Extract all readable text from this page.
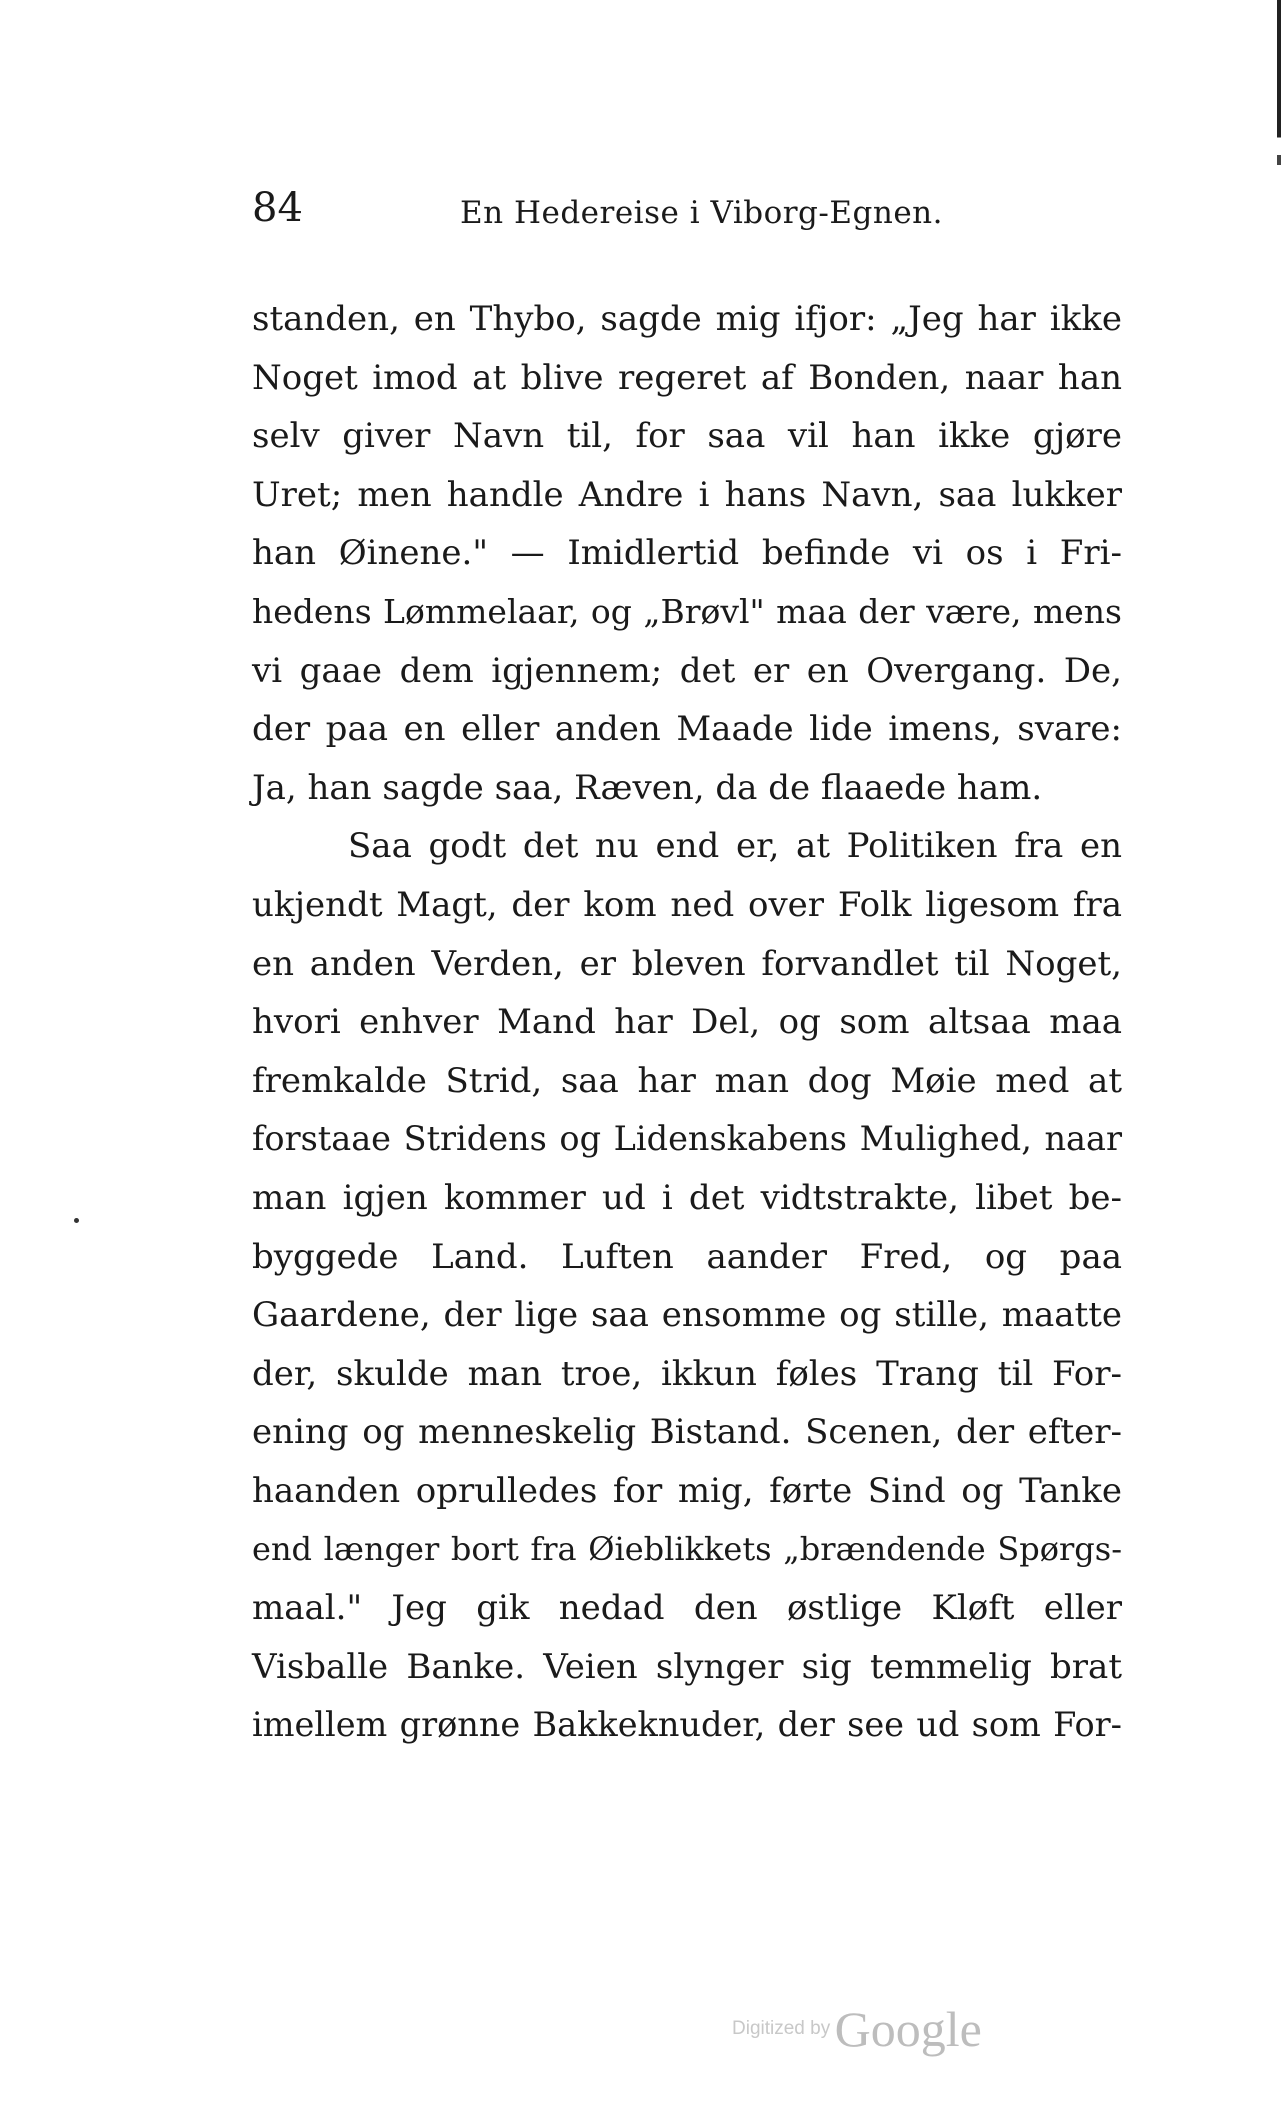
84	En Hedereise i Viborg-Egnen.
standen, en Thybo, sagde mig ifjor: „Jeg har ikke
Noget imod at blive regeret af Bonden, naar han
selv giver Navn til, for saa vil han ikke gjøre
Uret; men handle Andre i hans Navn, saa lukker
han Øinene." — Imidlertid befinde vi os i Fri-
hedens Lømmelaar, og „Brøvl" maa der være, mens
vi gaae dem igjennem; det er en Overgang. De,
der paa en eller anden Maade lide imens, svare:
Ja, han sagde saa, Ræven, da de flaaede ham.
Saa godt det nu end er, at Politiken fra en
ukjendt Magt, der kom ned over Folk ligesom fra
en anden Verden, er bleven forvandlet til Noget,
hvori enhver Mand har Del, og som altsaa maa
fremkalde Strid, saa har man dog Møie med at
forstaae Stridens og Lidenskabens Mulighed, naar
man igjen kommer ud i det vidtstrakte, libet be-
byggede Land. Luften aander Fred, og paa
Gaardene, der lige saa ensomme og stille, maatte
der, skulde man troe, ikkun føles Trang til For-
ening og menneskelig Bistand. Scenen, der efter-
haanden oprulledes for mig, førte Sind og Tanke
end længer bort fra Øieblikkets „brændende Spørgs-
maal." Jeg gik nedad den østlige Kløft eller
Visballe Banke. Veien slynger sig temmelig brat
imellem grønne Bakkeknuder, der see ud som For-
Digitized by Google
